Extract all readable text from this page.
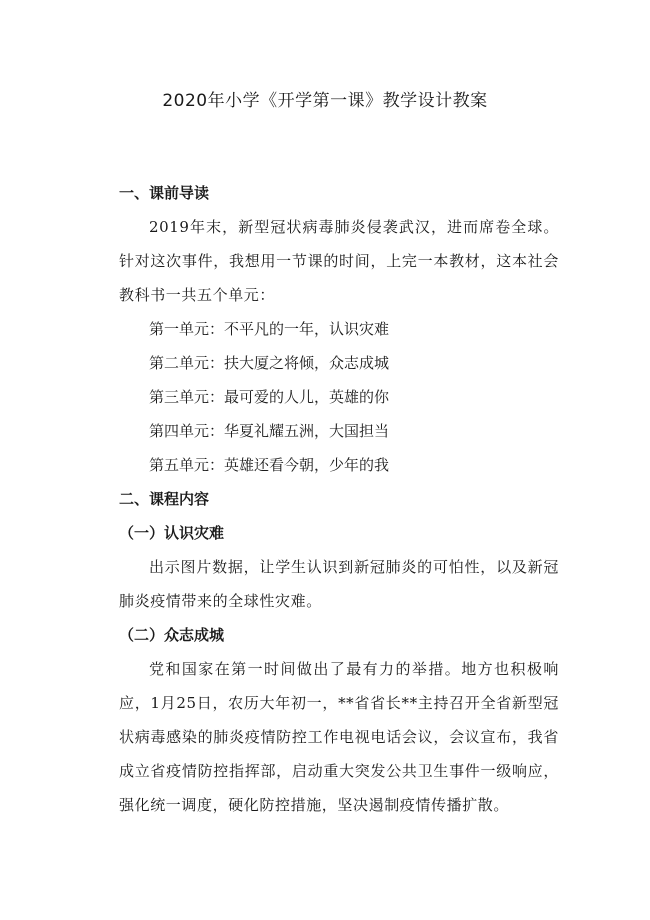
2020年小学《开学第一课》教学设计教案

一、课前导读

2019年末，新型冠状病毒肺炎侵袭武汉，进而席卷全球。针对这次事件，我想用一节课的时间，上完一本教材，这本社会教科书一共五个单元：

第一单元：不平凡的一年，认识灾难

第二单元：扶大厦之将倾，众志成城

第三单元：最可爱的人儿，英雄的你

第四单元：华夏礼耀五洲，大国担当

第五单元：英雄还看今朝，少年的我

二、课程内容

（一）认识灾难

出示图片数据，让学生认识到新冠肺炎的可怕性，以及新冠肺炎疫情带来的全球性灾难。

（二）众志成城

党和国家在第一时间做出了最有力的举措。地方也积极响应，1月25日，农历大年初一，**省省长**主持召开全省新型冠状病毒感染的肺炎疫情防控工作电视电话会议，会议宣布，我省成立省疫情防控指挥部，启动重大突发公共卫生事件一级响应，强化统一调度，硬化防控措施，坚决遏制疫情传播扩散。
